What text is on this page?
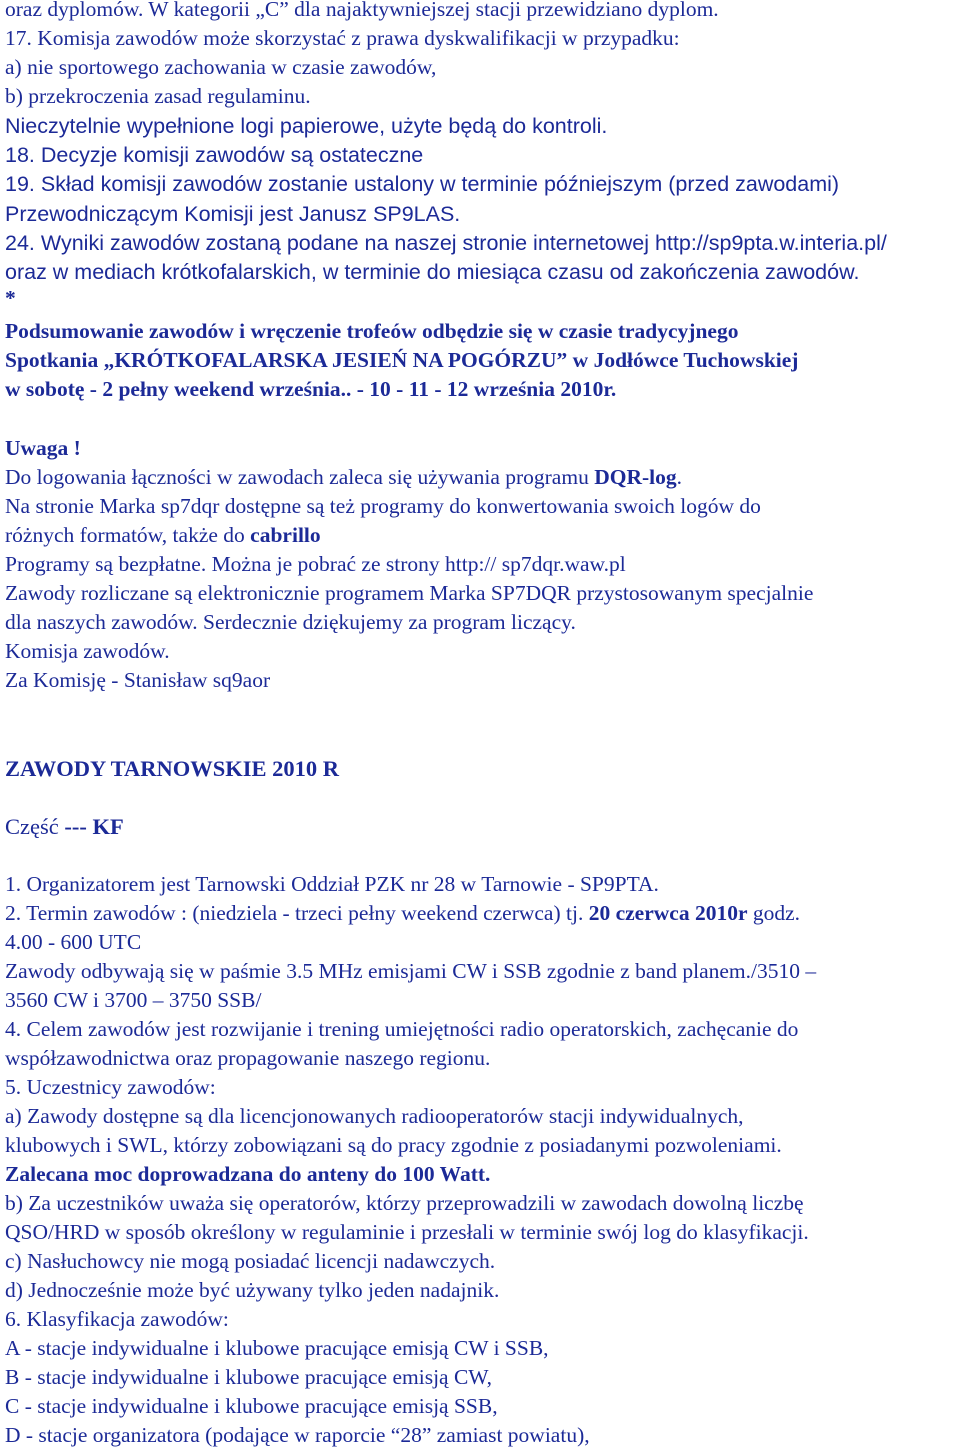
oraz dyplomów. W kategorii „C” dla najaktywniejszej stacji przewidziano dyplom.
17. Komisja zawodów może skorzystać z prawa dyskwalifikacji w przypadku:
a) nie sportowego zachowania w czasie zawodów,
b) przekroczenia zasad regulaminu.
Nieczytelnie wypełnione logi papierowe, użyte będą do kontroli.
18. Decyzje komisji zawodów są ostateczne
19. Skład komisji zawodów zostanie ustalony w terminie późniejszym (przed zawodami)
Przewodniczącym Komisji jest Janusz SP9LAS.
24. Wyniki zawodów zostaną podane na naszej stronie internetowej http://sp9pta.w.interia.pl/
oraz w mediach krótkofalarskich, w terminie do miesiąca czasu od zakończenia zawodów.
*
Podsumowanie zawodów i wręczenie trofeów odbędzie się w czasie tradycyjnego
Spotkania „KRÓTKOFALARSKA JESIEŃ NA POGÓRZU” w Jodłówce Tuchowskiej
w sobotę - 2 pełny weekend września.. - 10 - 11 - 12 września 2010r.
Uwaga !
Do logowania łączności w zawodach zaleca się używania programu DQR-log.
Na stronie Marka sp7dqr dostępne są też programy do konwertowania swoich logów do
różnych formatów, także do cabrillo
Programy są bezpłatne. Można je pobrać ze strony http:// sp7dqr.waw.pl
Zawody rozliczane są elektronicznie programem Marka SP7DQR przystosowanym specjalnie
dla naszych zawodów. Serdecznie dziękujemy za program liczący.
Komisja zawodów.
Za Komisję - Stanisław sq9aor
ZAWODY TARNOWSKIE 2010 R
Część --- KF
1. Organizatorem jest Tarnowski Oddział PZK nr 28 w Tarnowie - SP9PTA.
2. Termin zawodów : (niedziela - trzeci pełny weekend czerwca) tj. 20 czerwca 2010r godz.
4.00 - 600 UTC
Zawody odbywają się w paśmie 3.5 MHz emisjami CW i SSB zgodnie z band planem./3510 –
3560 CW i 3700 – 3750 SSB/
4. Celem zawodów jest rozwijanie i trening umiejętności radio operatorskich, zachęcanie do
współzawodnictwa oraz propagowanie naszego regionu.
5. Uczestnicy zawodów:
a) Zawody dostępne są dla licencjonowanych radiooperatorów stacji indywidualnych,
klubowych i SWL, którzy zobowiązani są do pracy zgodnie z posiadanymi pozwoleniami.
Zalecana moc doprowadzana do anteny do 100 Watt.
b) Za uczestników uważa się operatorów, którzy przeprowadzili w zawodach dowolną liczbę
QSO/HRD w sposób określony w regulaminie i przesłali w terminie swój log do klasyfikacji.
c) Nasłuchowcy nie mogą posiadać licencji nadawczych.
d) Jednocześnie może być używany tylko jeden nadajnik.
6. Klasyfikacja zawodów:
A - stacje indywidualne i klubowe pracujące emisją CW i SSB,
B - stacje indywidualne i klubowe pracujące emisją CW,
C - stacje indywidualne i klubowe pracujące emisją SSB,
D - stacje organizatora (podające w raporcie “28” zamiast powiatu),
